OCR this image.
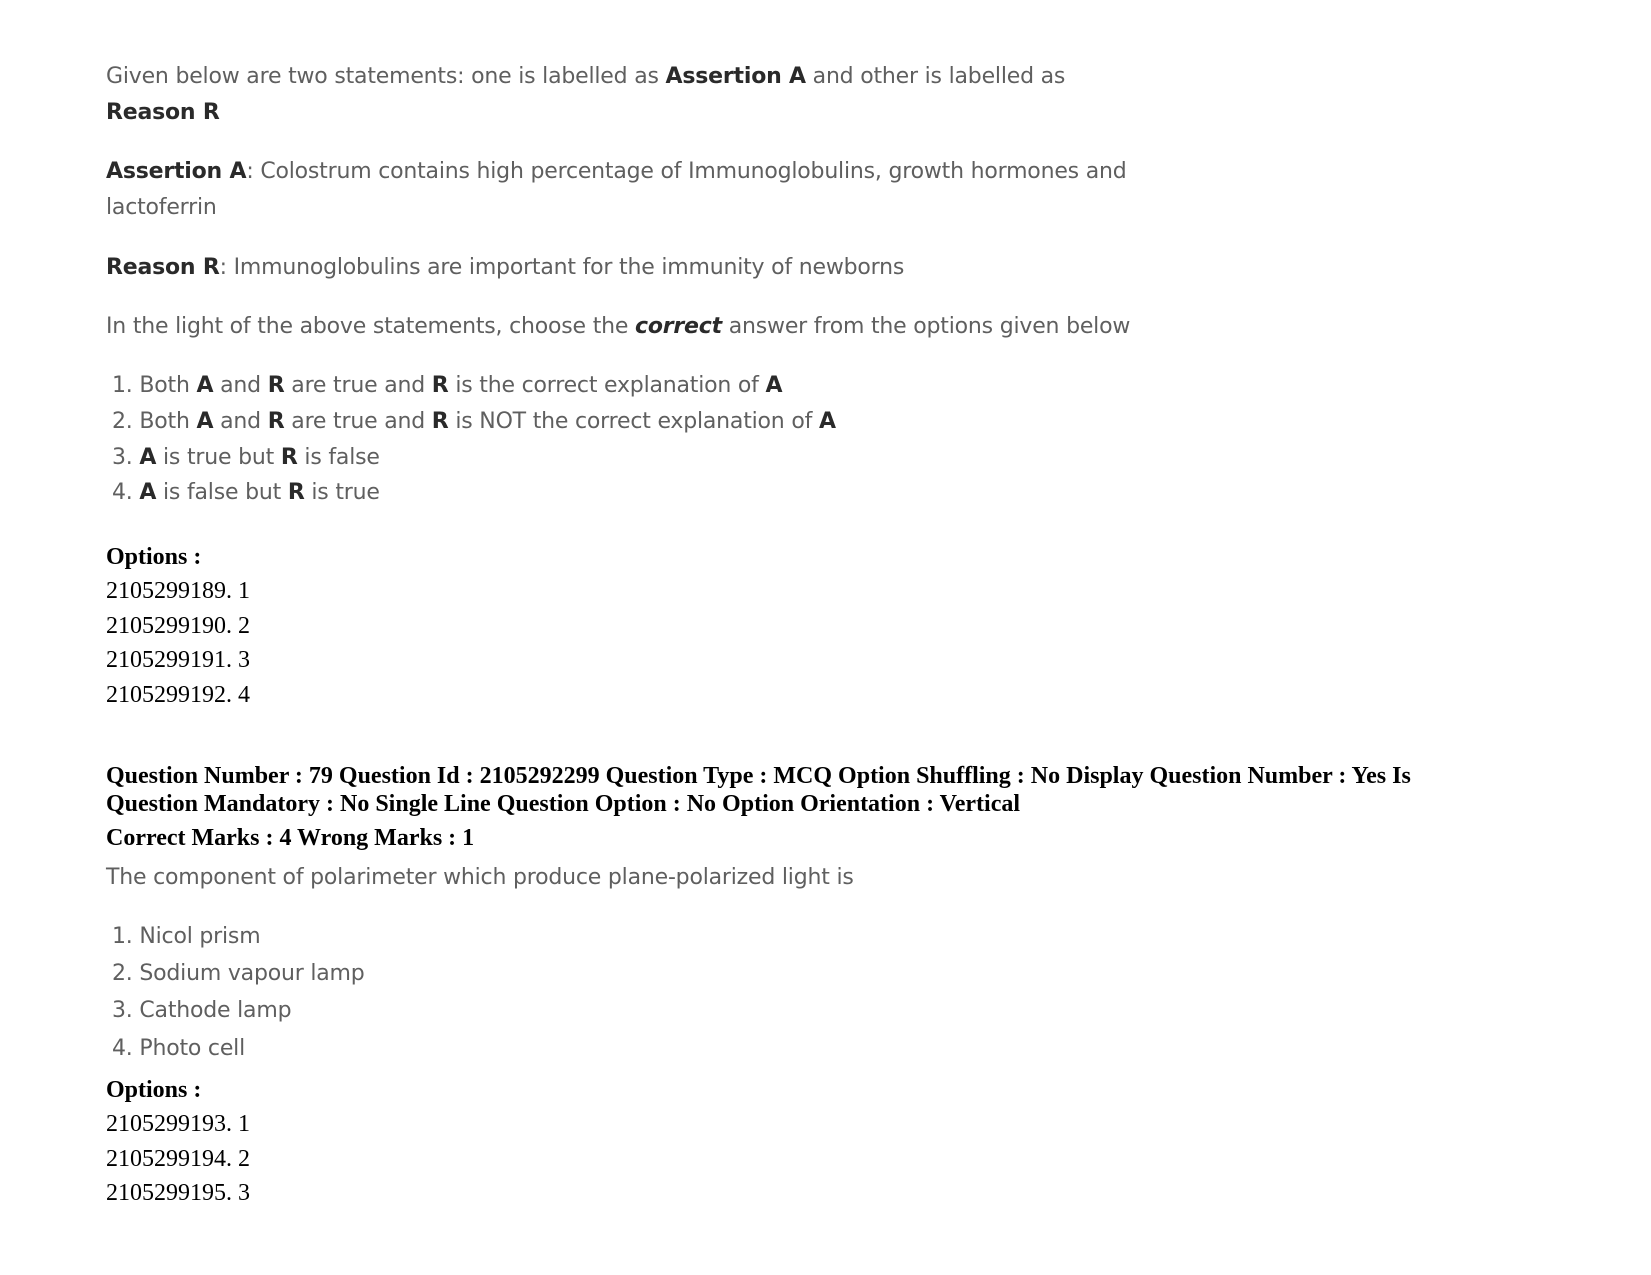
Given below are two statements: one is labelled as Assertion A and other is labelled as
Reason R
Assertion A: Colostrum contains high percentage of Immunoglobulins, growth hormones and
lactoferrin
Reason R: Immunoglobulins are important for the immunity of newborns
In the light of the above statements, choose the correct answer from the options given below
1. Both A and R are true and R is the correct explanation of A
2. Both A and R are true and R is NOT the correct explanation of A
3. A is true but R is false
4. A is false but R is true
Options :
2105299189. 1
2105299190. 2
2105299191. 3
2105299192. 4
Question Number : 79 Question Id : 2105292299 Question Type : MCQ Option Shuffling : No Display Question Number : Yes Is
Question Mandatory : No Single Line Question Option : No Option Orientation : Vertical
Correct Marks : 4 Wrong Marks : 1
The component of polarimeter which produce plane-polarized light is
1. Nicol prism
2. Sodium vapour lamp
3. Cathode lamp
4. Photo cell
Options :
2105299193. 1
2105299194. 2
2105299195. 3
